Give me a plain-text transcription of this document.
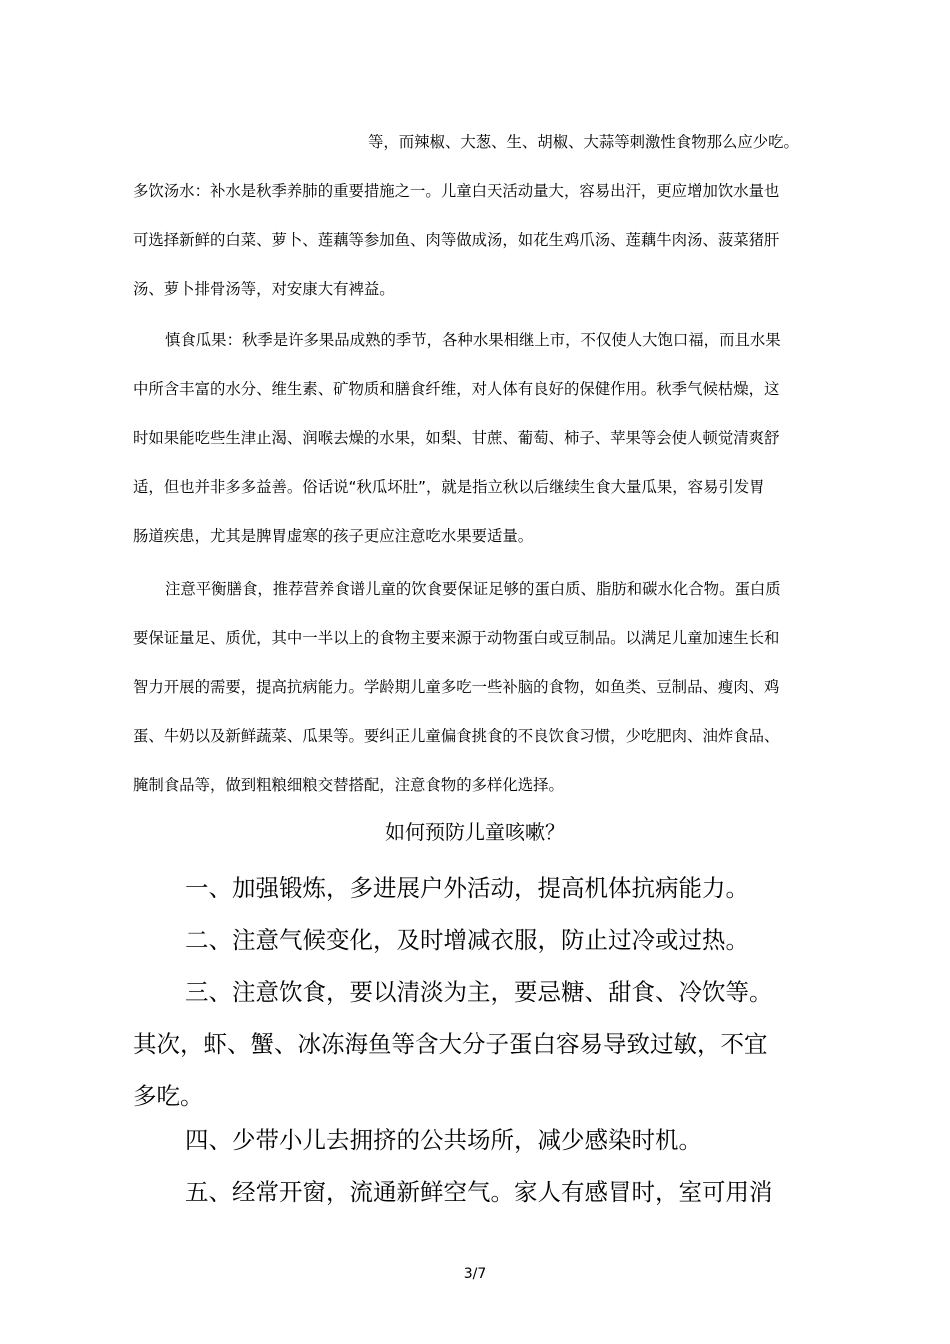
等，而辣椒、大葱、生、胡椒、大蒜等刺激性食物那么应少吃。

多饮汤水：补水是秋季养肺的重要措施之一。儿童白天活动量大，容易出汗，更应增加饮水量也
可选择新鲜的白菜、萝卜、莲藕等参加鱼、肉等做成汤，如花生鸡爪汤、莲藕牛肉汤、菠菜猪肝
汤、萝卜排骨汤等，对安康大有裨益。

慎食瓜果：秋季是许多果品成熟的季节，各种水果相继上市，不仅使人大饱口福，而且水果
中所含丰富的水分、维生素、矿物质和膳食纤维，对人体有良好的保健作用。秋季气候枯燥，这
时如果能吃些生津止渴、润喉去燥的水果，如梨、甘蔗、葡萄、柿子、苹果等会使人顿觉清爽舒
适，但也并非多多益善。俗话说“秋瓜坏肚”，就是指立秋以后继续生食大量瓜果，容易引发胃
肠道疾患，尤其是脾胃虚寒的孩子更应注意吃水果要适量。

注意平衡膳食，推荐营养食谱儿童的饮食要保证足够的蛋白质、脂肪和碳水化合物。蛋白质
要保证量足、质优，其中一半以上的食物主要来源于动物蛋白或豆制品。以满足儿童加速生长和
智力开展的需要，提高抗病能力。学龄期儿童多吃一些补脑的食物，如鱼类、豆制品、瘦肉、鸡
蛋、牛奶以及新鲜蔬菜、瓜果等。要纠正儿童偏食挑食的不良饮食习惯，少吃肥肉、油炸食品、
腌制食品等，做到粗粮细粮交替搭配，注意食物的多样化选择。

如何预防儿童咳嗽？

一、加强锻炼，多进展户外活动，提高机体抗病能力。

二、注意气候变化，及时增减衣服，防止过冷或过热。

三、注意饮食，要以清淡为主，要忌糖、甜食、冷饮等。
其次，虾、蟹、冰冻海鱼等含大分子蛋白容易导致过敏，不宜
多吃。

四、少带小儿去拥挤的公共场所，减少感染时机。

五、经常开窗，流通新鲜空气。家人有感冒时，室可用消

3/7
